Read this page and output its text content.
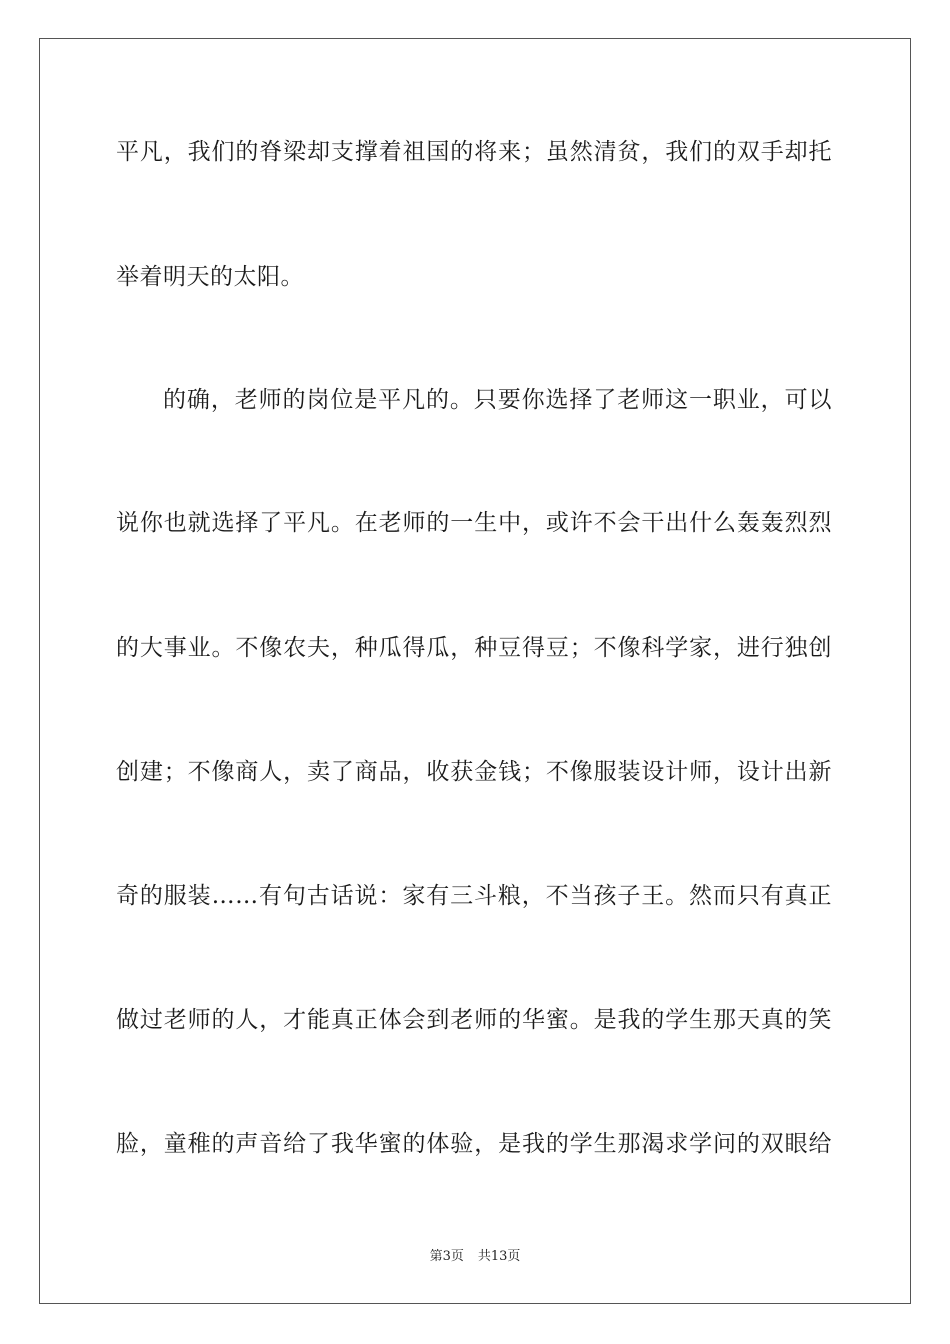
平凡，我们的脊梁却支撑着祖国的将来；虽然清贫，我们的双手却托
举着明天的太阳。
的确，老师的岗位是平凡的。只要你选择了老师这一职业，可以
说你也就选择了平凡。在老师的一生中，或许不会干出什么轰轰烈烈
的大事业。不像农夫，种瓜得瓜，种豆得豆；不像科学家，进行独创
创建；不像商人，卖了商品，收获金钱；不像服装设计师，设计出新
奇的服装……有句古话说：家有三斗粮，不当孩子王。然而只有真正
做过老师的人，才能真正体会到老师的华蜜。是我的学生那天真的笑
脸，童稚的声音给了我华蜜的体验，是我的学生那渴求学问的双眼给
第3页 共13页
